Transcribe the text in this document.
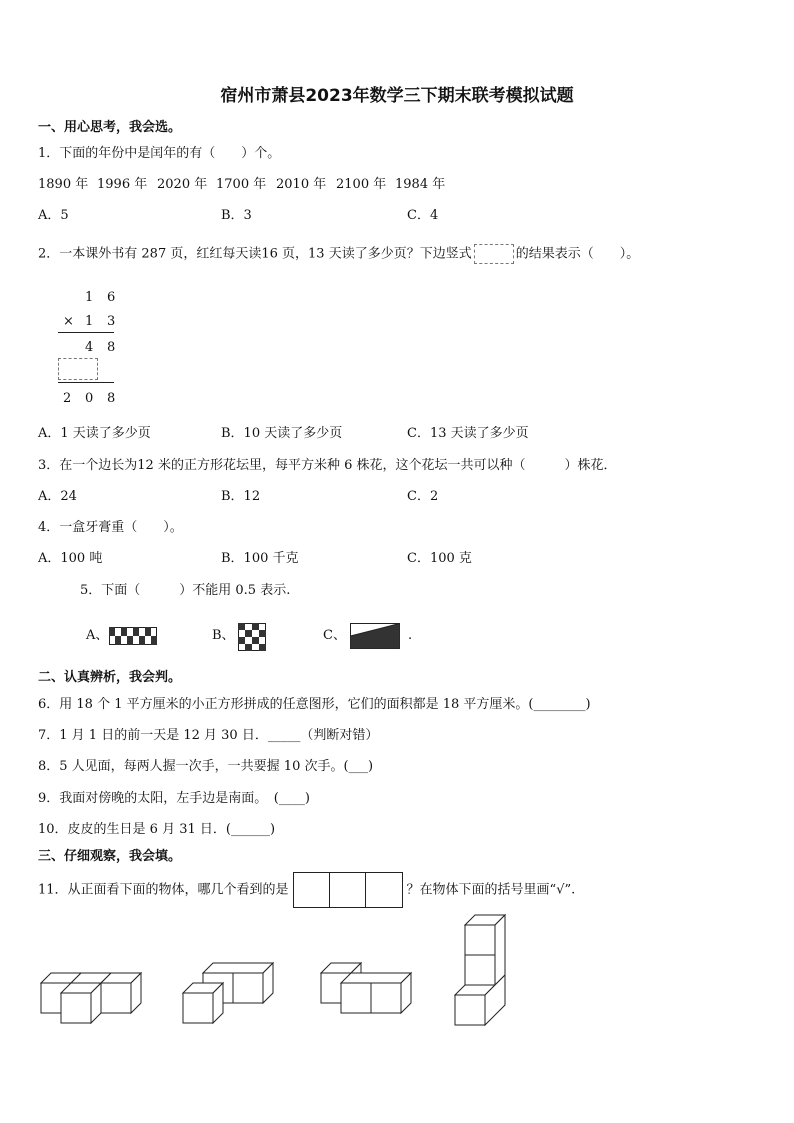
宿州市萧县2023年数学三下期末联考模拟试题
一、用心思考，我会选。
1．下面的年份中是闰年的有（　　）个。
1890 年 1996 年 2020 年 1700 年 2010 年 2100 年 1984 年
A．5	B．3	C．4
2．一本课外书有 287 页，红红每天读16 页，13 天读了多少页？下边竖式	的结果表示（　　）。
1 6
× 1 3
4 8
2 0 8
A．1 天读了多少页	B．10 天读了多少页	C．13 天读了多少页
3．在一个边长为12 米的正方形花坛里，每平方米种 6 株花，这个花坛一共可以种（　　　）株花．
A．24	B．12	C．2
4．一盒牙膏重（　　）。
A．100 吨	B．100 千克	C．100 克
5．下面（　　　）不能用 0.5 表示.
A、	B、	C、	.
二、认真辨析，我会判。
6．用 18 个 1 平方厘米的小正方形拼成的任意图形，它们的面积都是 18 平方厘米。(________)
7．1 月 1 日的前一天是 12 月 30 日．_____（判断对错）
8．5 人见面，每两人握一次手，一共要握 10 次手。(___)
9．我面对傍晚的太阳，左手边是南面。　(____)
10．皮皮的生日是 6 月 31 日．(______)
三、仔细观察，我会填。
11．从正面看下面的物体，哪几个看到的是	？在物体下面的括号里画“√”.
